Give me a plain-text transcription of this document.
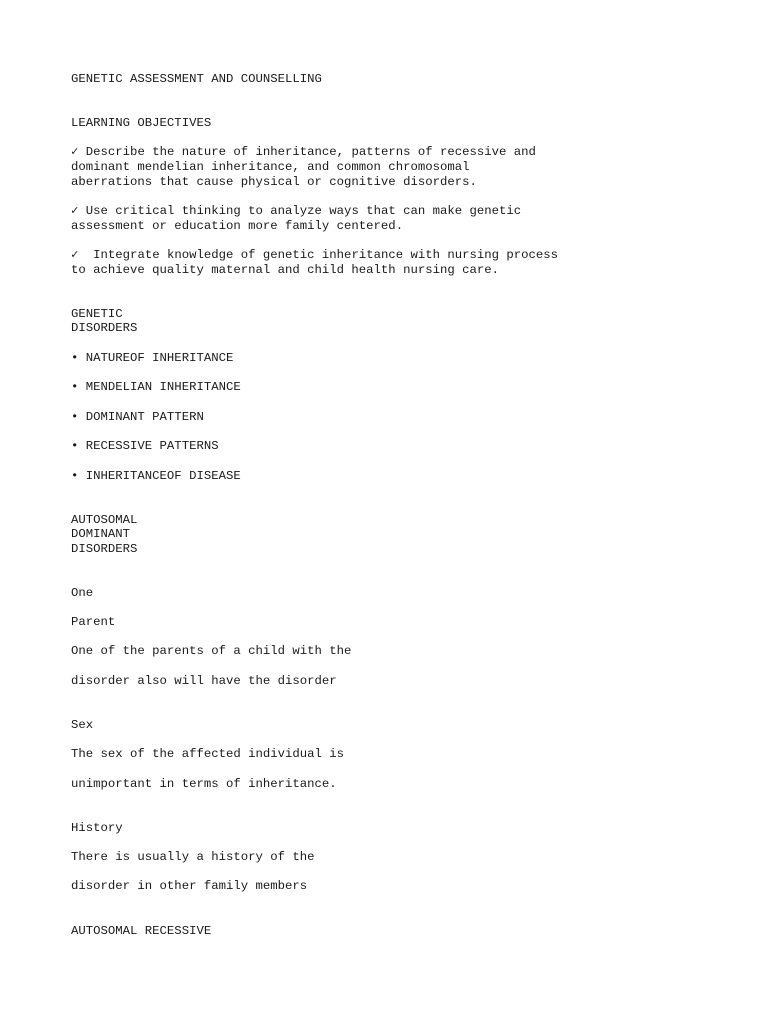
GENETIC ASSESSMENT AND COUNSELLING
LEARNING OBJECTIVES
✓ Describe the nature of inheritance, patterns of recessive and
dominant mendelian inheritance, and common chromosomal
aberrations that cause physical or cognitive disorders.
✓ Use critical thinking to analyze ways that can make genetic
assessment or education more family centered.
✓  Integrate knowledge of genetic inheritance with nursing process
to achieve quality maternal and child health nursing care.
GENETIC
DISORDERS
• NATUREOF INHERITANCE
• MENDELIAN INHERITANCE
• DOMINANT PATTERN
• RECESSIVE PATTERNS
• INHERITANCEOF DISEASE
AUTOSOMAL
DOMINANT
DISORDERS
One
Parent
One of the parents of a child with the
disorder also will have the disorder
Sex
The sex of the affected individual is
unimportant in terms of inheritance.
History
There is usually a history of the
disorder in other family members
AUTOSOMAL RECESSIVE
